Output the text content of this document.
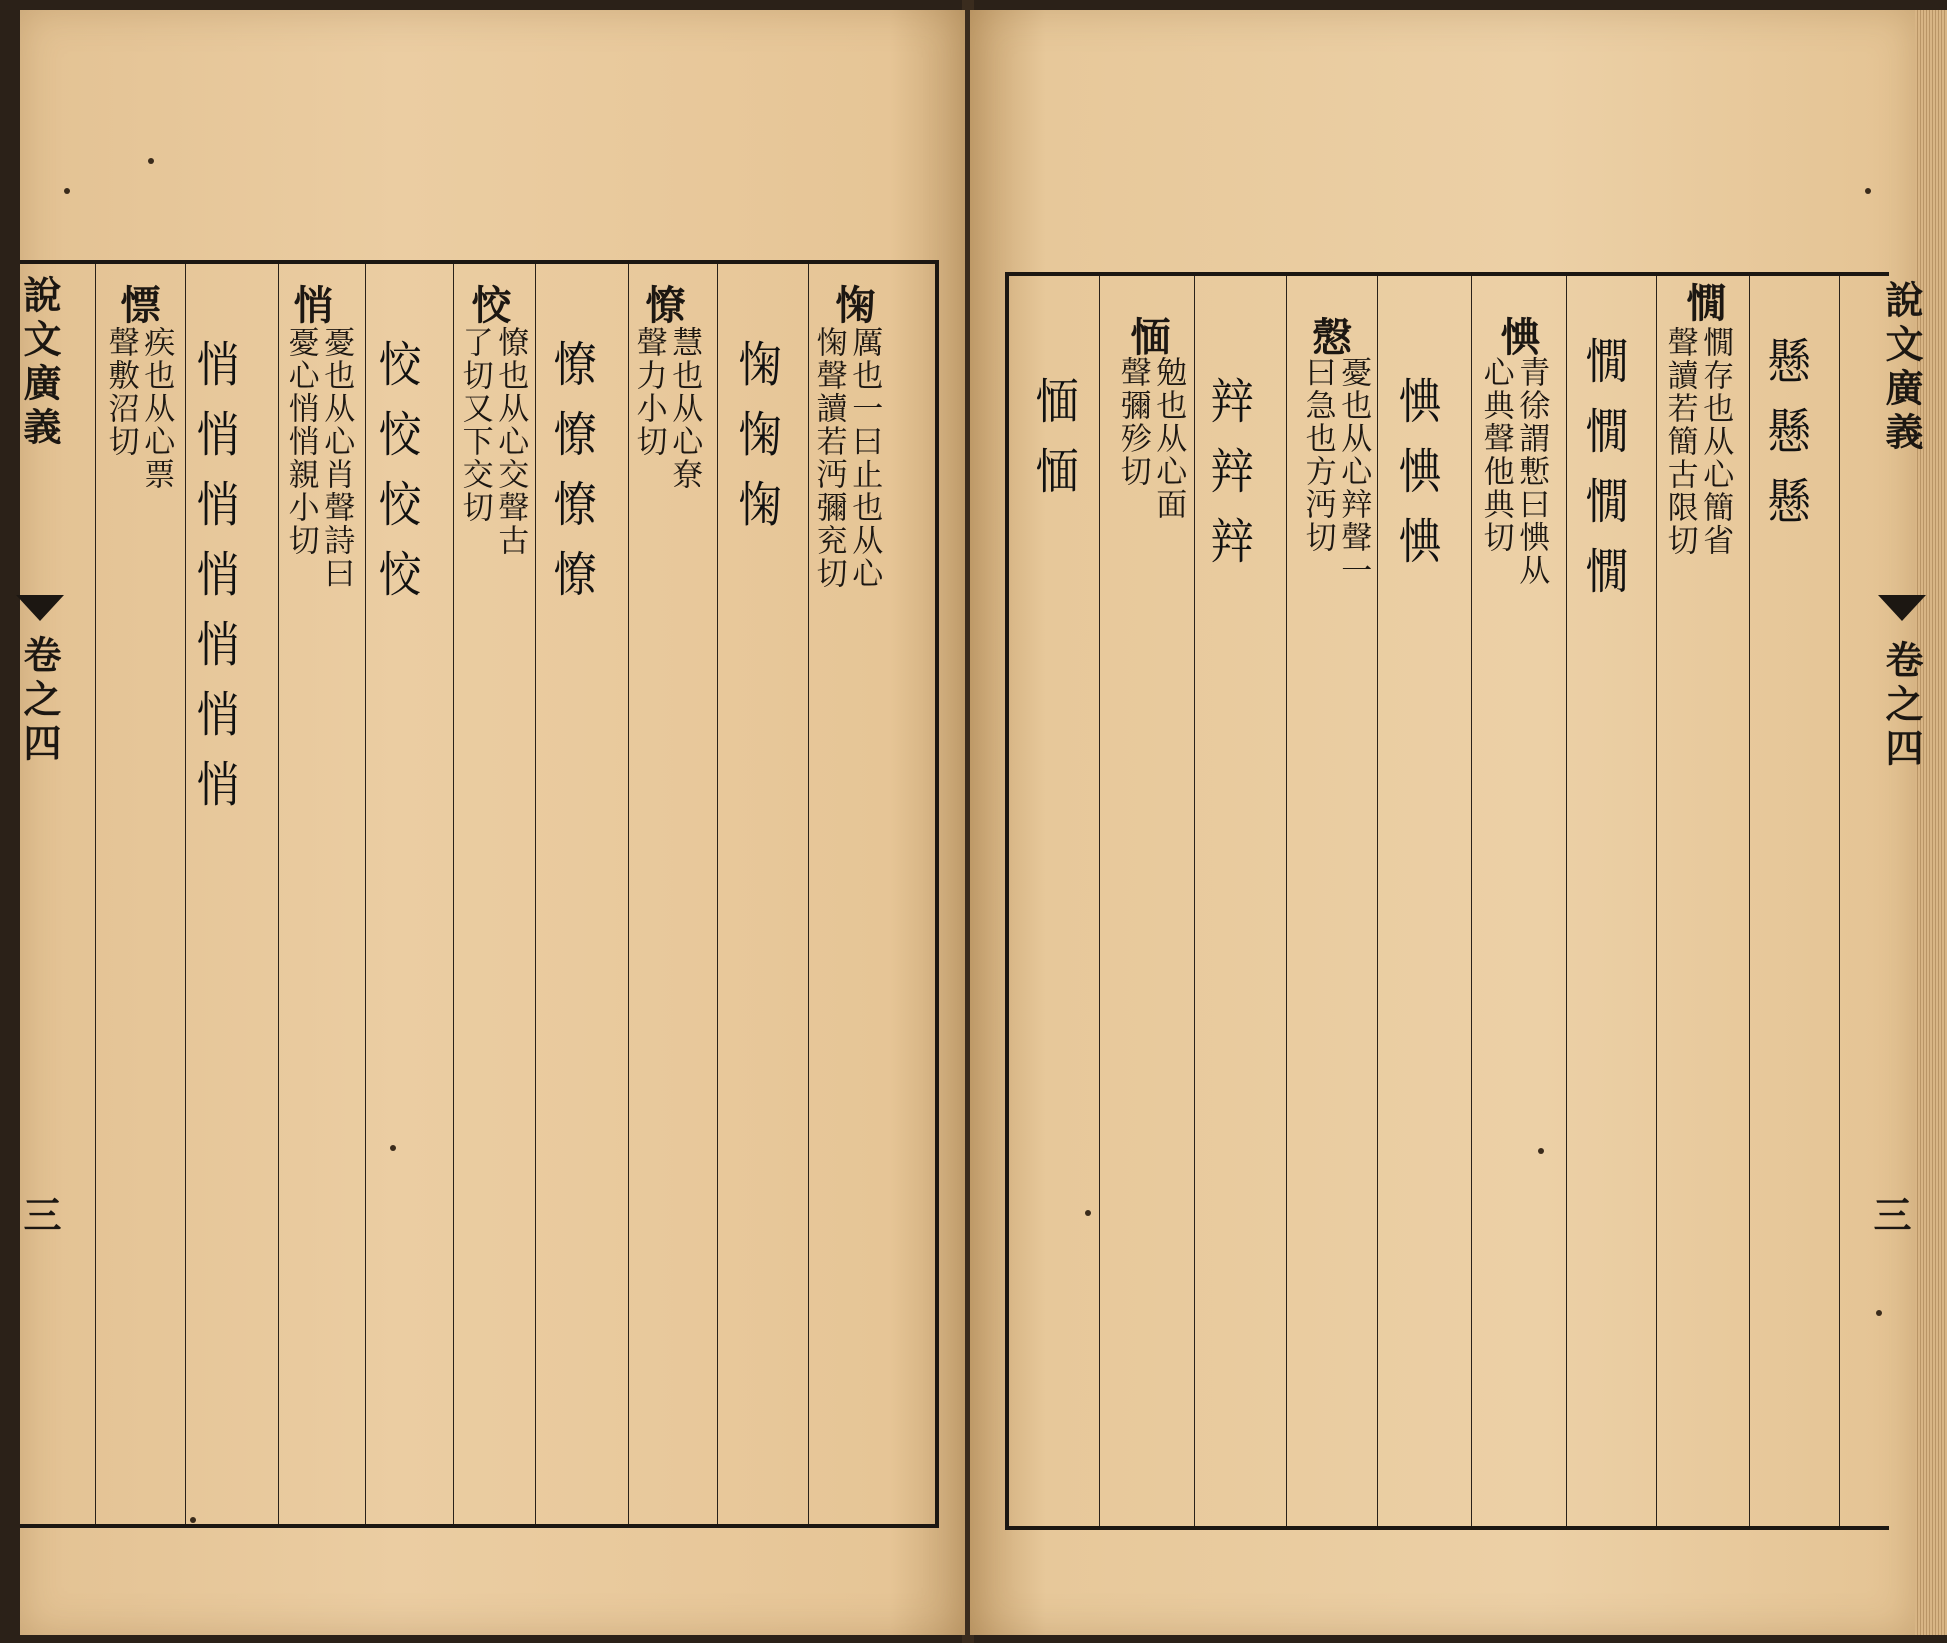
㥌
厲也一曰止也从心
㥌聲讀若沔彌兖切
㥌㥌㥌
憭
慧也从心尞
聲力小切
憭憭憭憭
恔
憭也从心交聲古
了切又下交切
恔恔恔恔
悄
憂也从心肖聲詩曰
憂心悄悄親小切
悄悄悄悄悄悄悄
慓
疾也从心票
聲敷沼切
說文廣義
卷之四
三
懸懸懸
憪
憪存也从心簡省
聲讀若簡古限切
憪憪憪憪
㥏
青徐謂慙曰㥏从
心典聲他典切
㥏㥏㥏
𢡱
憂也从心辡聲一
曰急也方沔切
辡辡辡
愐
勉也从心面
聲彌殄切
愐愐	說文廣義
卷之四
三
